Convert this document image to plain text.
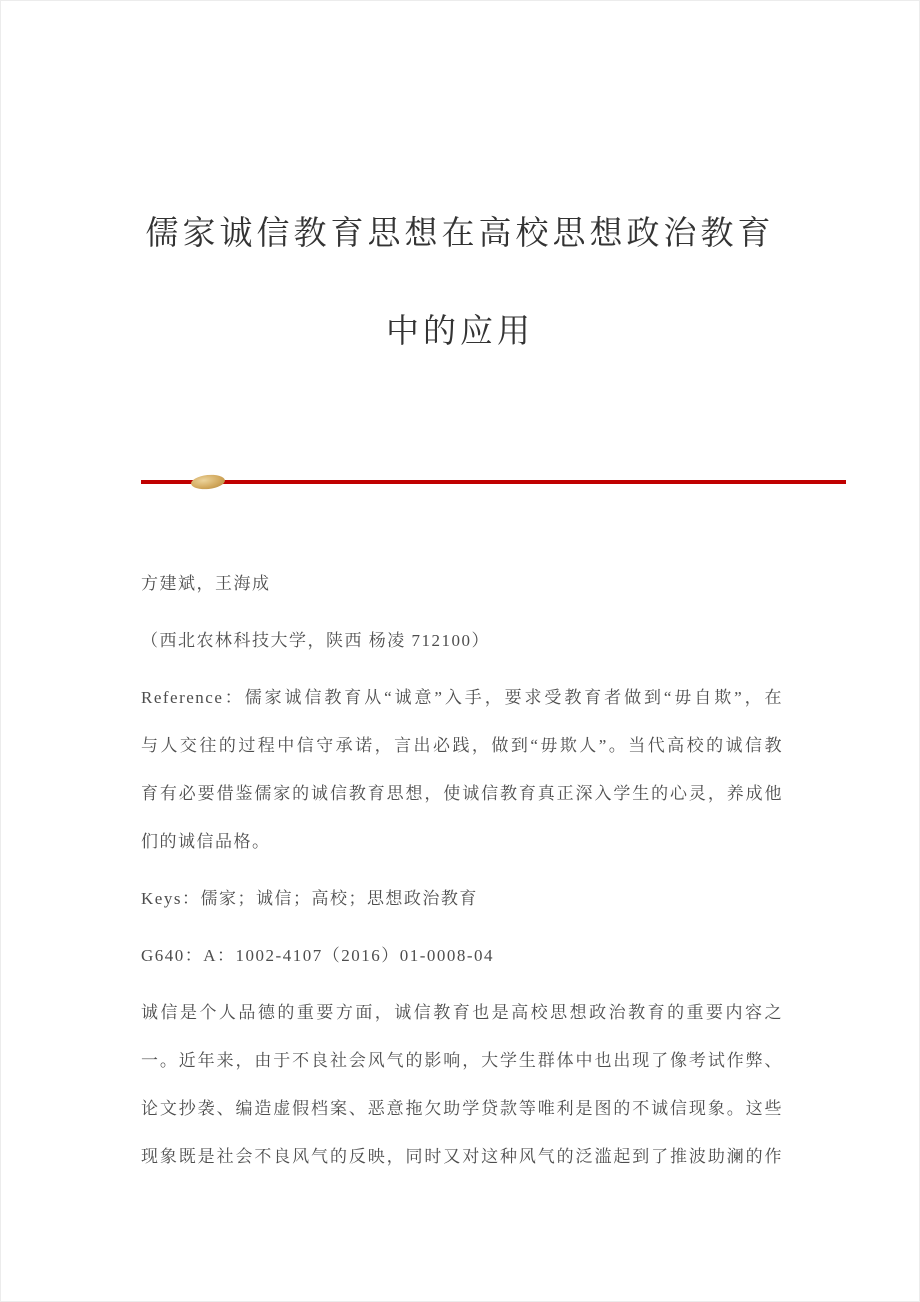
儒家诚信教育思想在高校思想政治教育
中的应用
方建斌，王海成
（西北农林科技大学，陕西 杨凌 712100）
Reference：儒家诚信教育从“诚意”入手，要求受教育者做到“毋自欺”，在
与人交往的过程中信守承诺，言出必践，做到“毋欺人”。当代高校的诚信教
育有必要借鉴儒家的诚信教育思想，使诚信教育真正深入学生的心灵，养成他
们的诚信品格。
Keys：儒家；诚信；高校；思想政治教育
G640：A：1002-4107（2016）01-0008-04
诚信是个人品德的重要方面，诚信教育也是高校思想政治教育的重要内容之
一。近年来，由于不良社会风气的影响，大学生群体中也出现了像考试作弊、
论文抄袭、编造虚假档案、恶意拖欠助学贷款等唯利是图的不诚信现象。这些
现象既是社会不良风气的反映，同时又对这种风气的泛滥起到了推波助澜的作
